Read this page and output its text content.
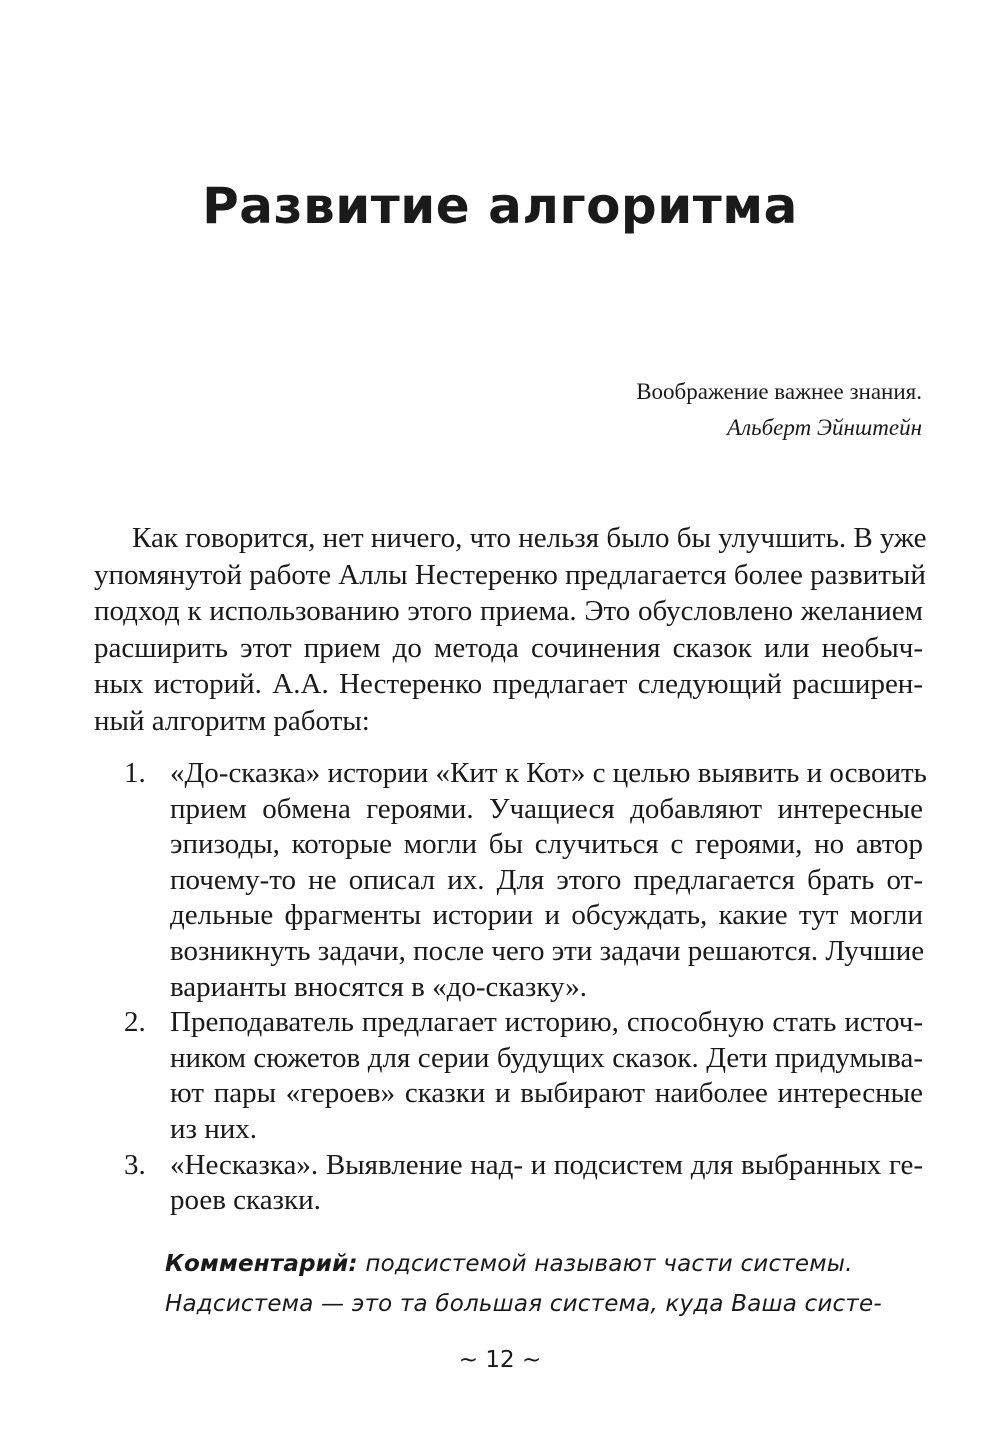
Развитие алгоритма
Воображение важнее знания.
Альберт Эйнштейн
Как говорится, нет ничего, что нельзя было бы улучшить. В уже
упомянутой работе Аллы Нестеренко предлагается более развитый
подход к использованию этого приема. Это обусловлено желанием
расширить этот прием до метода сочинения сказок или необыч-
ных историй. А.А. Нестеренко предлагает следующий расширен-
ный алгоритм работы:
1. «До-сказка» истории «Кит к Кот» с целью выявить и освоить
прием обмена героями. Учащиеся добавляют интересные
эпизоды, которые могли бы случиться с героями, но автор
почему-то не описал их. Для этого предлагается брать от-
дельные фрагменты истории и обсуждать, какие тут могли
возникнуть задачи, после чего эти задачи решаются. Лучшие
варианты вносятся в «до-сказку».
2. Преподаватель предлагает историю, способную стать источ-
ником сюжетов для серии будущих сказок. Дети придумыва-
ют пары «героев» сказки и выбирают наиболее интересные
из них.
3. «Несказка». Выявление над- и подсистем для выбранных ге-
роев сказки.
Комментарий: подсистемой называют части системы.
Надсистема — это та большая система, куда Ваша систе-
~ 12 ~
